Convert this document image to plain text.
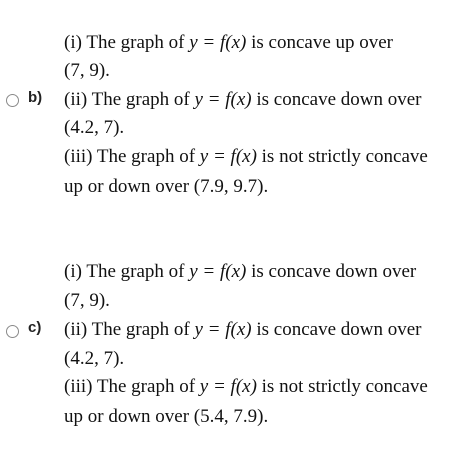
b)
(i) The graph of y = f(x) is concave up over
(7, 9).
(ii) The graph of y = f(x) is concave down over
(4.2, 7).
(iii) The graph of y = f(x) is not strictly concave
up or down over (7.9, 9.7).
c)
(i) The graph of y = f(x) is concave down over
(7, 9).
(ii) The graph of y = f(x) is concave down over
(4.2, 7).
(iii) The graph of y = f(x) is not strictly concave
up or down over (5.4, 7.9).
